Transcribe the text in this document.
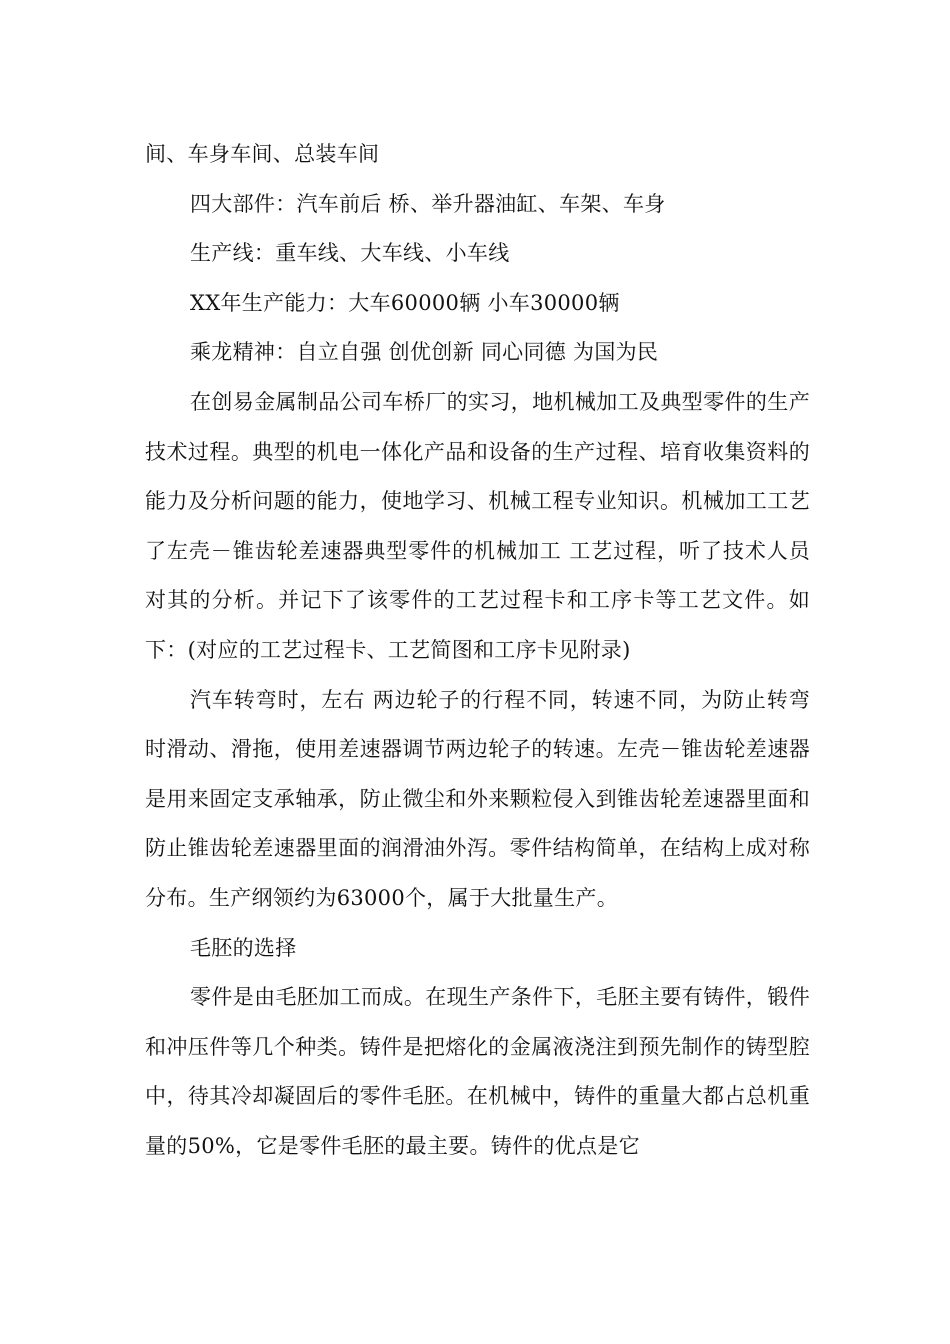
间、车身车间、总装车间

四大部件：汽车前后 桥、举升器油缸、车架、车身

生产线：重车线、大车线、小车线

XX年生产能力：大车60000辆 小车30000辆

乘龙精神：自立自强 创优创新 同心同德 为国为民

在创易金属制品公司车桥厂的实习，地机械加工及典型零件的生产技术过程。典型的机电一体化产品和设备的生产过程、培育收集资料的能力及分析问题的能力，使地学习、机械工程专业知识。机械加工工艺了左壳－锥齿轮差速器典型零件的机械加工 工艺过程，听了技术人员对其的分析。并记下了该零件的工艺过程卡和工序卡等工艺文件。如下：(对应的工艺过程卡、工艺简图和工序卡见附录)

汽车转弯时，左右 两边轮子的行程不同，转速不同，为防止转弯时滑动、滑拖，使用差速器调节两边轮子的转速。左壳－锥齿轮差速器是用来固定支承轴承，防止微尘和外来颗粒侵入到锥齿轮差速器里面和防止锥齿轮差速器里面的润滑油外泻。零件结构简单，在结构上成对称分布。生产纲领约为63000个，属于大批量生产。

毛胚的选择

零件是由毛胚加工而成。在现生产条件下，毛胚主要有铸件，锻件和冲压件等几个种类。铸件是把熔化的金属液浇注到预先制作的铸型腔中，待其冷却凝固后的零件毛胚。在机械中，铸件的重量大都占总机重量的50%，它是零件毛胚的最主要。铸件的优点是它
